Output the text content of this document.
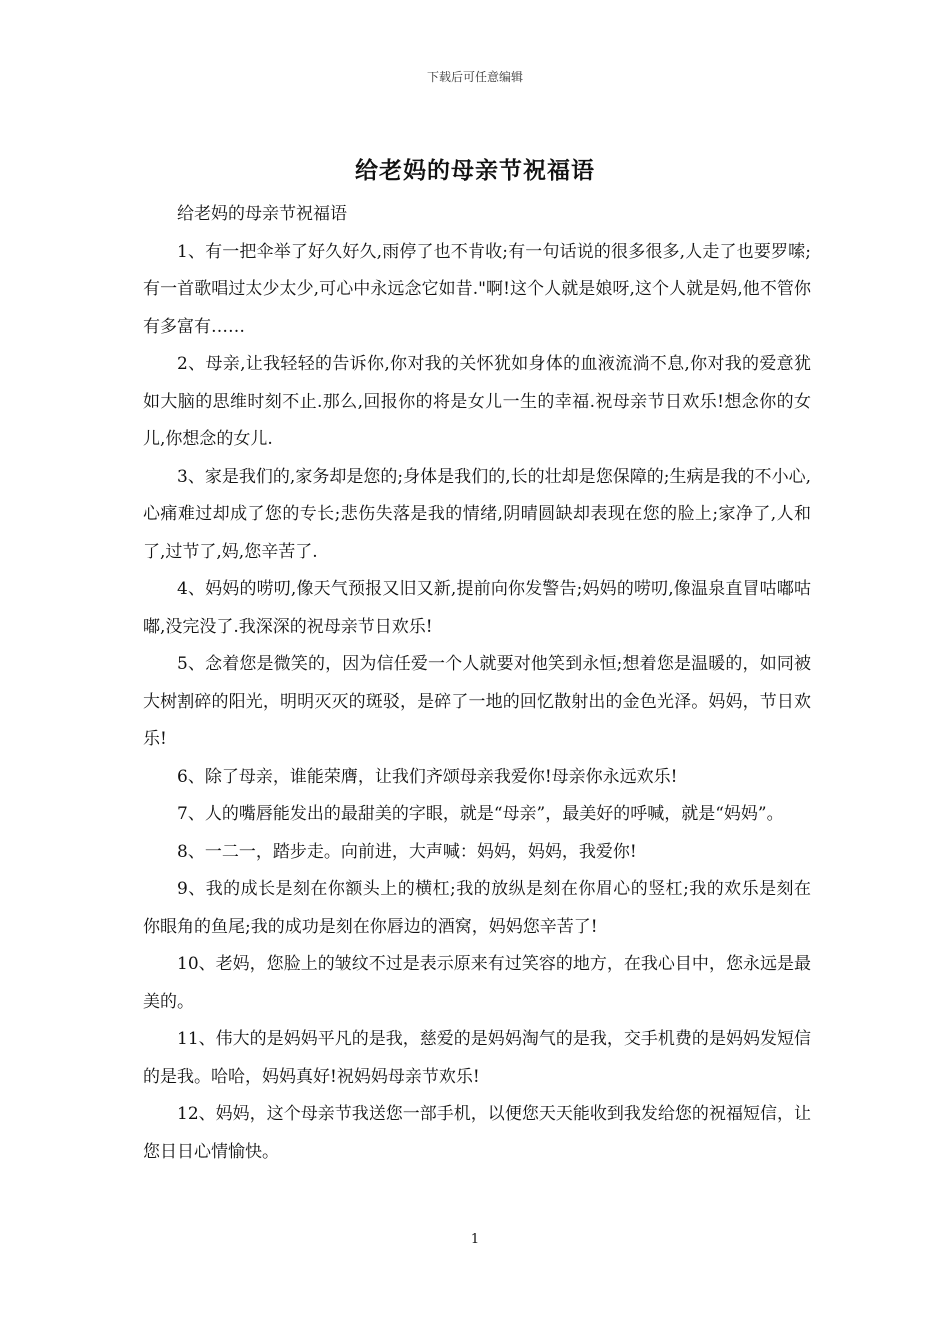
下载后可任意编辑
给老妈的母亲节祝福语

给老妈的母亲节祝福语

1、有一把伞举了好久好久,雨停了也不肯收;有一句话说的很多很多,人走了也要罗嗦;有一首歌唱过太少太少,可心中永远念它如昔."啊!这个人就是娘呀,这个人就是妈,他不管你有多富有……

2、母亲,让我轻轻的告诉你,你对我的关怀犹如身体的血液流淌不息,你对我的爱意犹如大脑的思维时刻不止.那么,回报你的将是女儿一生的幸福.祝母亲节日欢乐!想念你的女儿,你想念的女儿.

3、家是我们的,家务却是您的;身体是我们的,长的壮却是您保障的;生病是我的不小心,心痛难过却成了您的专长;悲伤失落是我的情绪,阴晴圆缺却表现在您的脸上;家净了,人和了,过节了,妈,您辛苦了.

4、妈妈的唠叨,像天气预报又旧又新,提前向你发警告;妈妈的唠叨,像温泉直冒咕嘟咕嘟,没完没了.我深深的祝母亲节日欢乐!

5、念着您是微笑的，因为信任爱一个人就要对他笑到永恒;想着您是温暖的，如同被大树割碎的阳光，明明灭灭的斑驳，是碎了一地的回忆散射出的金色光泽。妈妈，节日欢乐!

6、除了母亲，谁能荣膺，让我们齐颂母亲我爱你!母亲你永远欢乐!

7、人的嘴唇能发出的最甜美的字眼，就是“母亲”，最美好的呼喊，就是“妈妈”。

8、一二一，踏步走。向前进，大声喊：妈妈，妈妈，我爱你!

9、我的成长是刻在你额头上的横杠;我的放纵是刻在你眉心的竖杠;我的欢乐是刻在你眼角的鱼尾;我的成功是刻在你唇边的酒窝，妈妈您辛苦了!

10、老妈，您脸上的皱纹不过是表示原来有过笑容的地方，在我心目中，您永远是最美的。

11、伟大的是妈妈平凡的是我，慈爱的是妈妈淘气的是我，交手机费的是妈妈发短信的是我。哈哈，妈妈真好!祝妈妈母亲节欢乐!

12、妈妈，这个母亲节我送您一部手机，以便您天天能收到我发给您的祝福短信，让您日日心情愉快。

1
